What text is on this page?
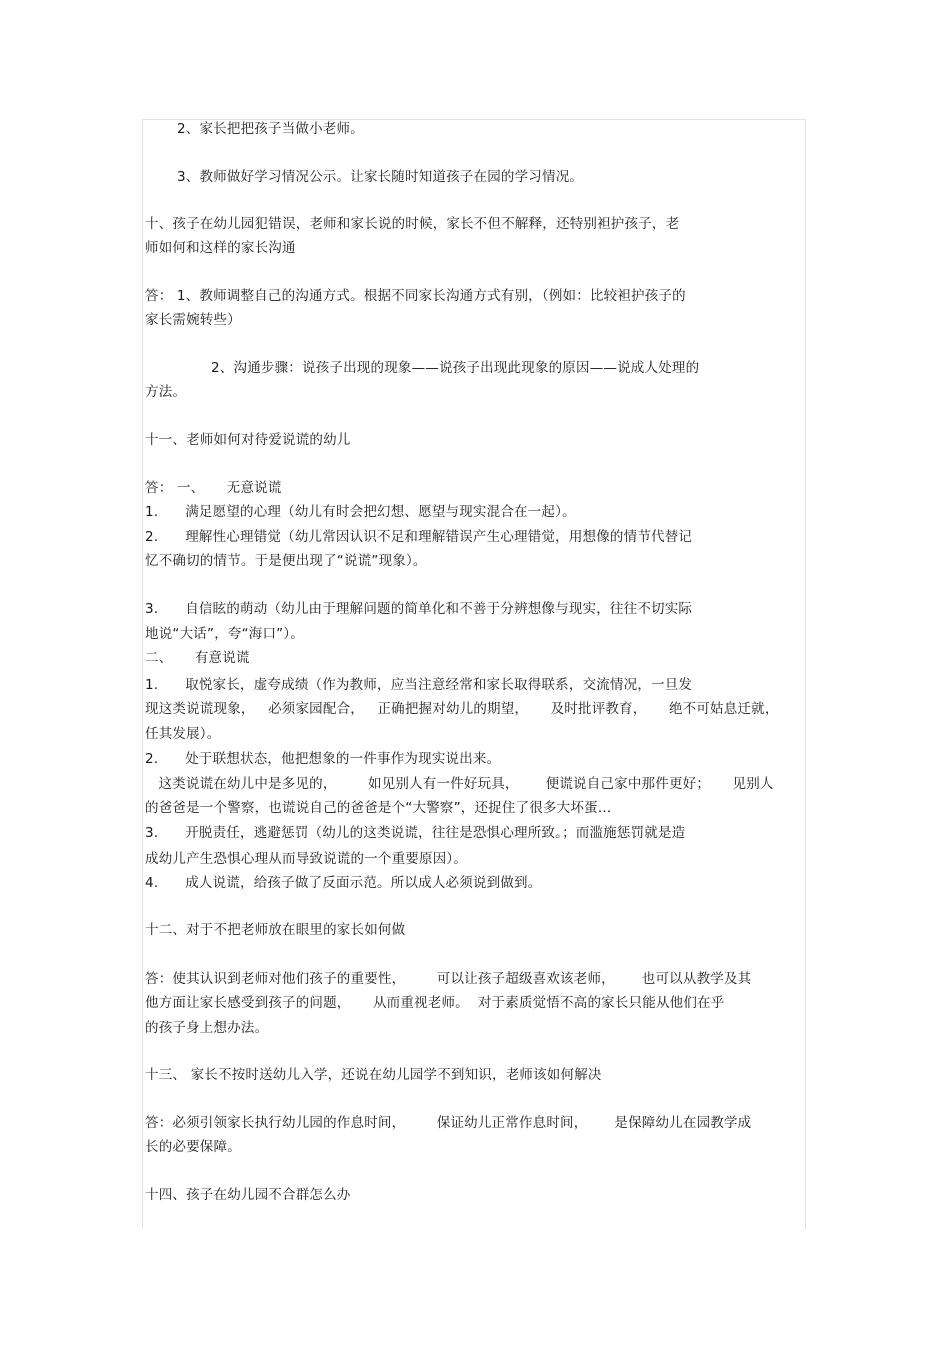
2、家长把把孩子当做小老师。
3、教师做好学习情况公示。让家长随时知道孩子在园的学习情况。
十、孩子在幼儿园犯错误，老师和家长说的时候，家长不但不解释，还特别袒护孩子，老
师如何和这样的家长沟通
答： 1、教师调整自己的沟通方式。根据不同家长沟通方式有别，（例如：比较袒护孩子的
家长需婉转些）
2、沟通步骤：说孩子出现的现象——说孩子出现此现象的原因——说成人处理的
方法。
十一、老师如何对待爱说谎的幼儿
答： 一、     无意说谎
1.      满足愿望的心理（幼儿有时会把幻想、愿望与现实混合在一起）。
2.      理解性心理错觉（幼儿常因认识不足和理解错误产生心理错觉，用想像的情节代替记
忆不确切的情节。于是便出现了“说谎”现象）。
3.      自信眩的萌动（幼儿由于理解问题的简单化和不善于分辨想像与现实，往往不切实际
地说“大话”，夸“海口”）。
二、     有意说谎
1.      取悦家长，虚夸成绩（作为教师，应当注意经常和家长取得联系，交流情况，一旦发
现这类说谎现象，   必须家园配合，   正确把握对幼儿的期望，     及时批评教育，     绝不可姑息迁就，
任其发展）。
2.      处于联想状态，他把想象的一件事作为现实说出来。
这类说谎在幼儿中是多见的，       如见别人有一件好玩具，      便谎说自己家中那件更好；     见别人
的爸爸是一个警察，也谎说自己的爸爸是个“大警察”，还捉住了很多大坏蛋…
3.      开脱责任，逃避惩罚（幼儿的这类说谎，往往是恐惧心理所致。；而滥施惩罚就是造
成幼儿产生恐惧心理从而导致说谎的一个重要原因）。
4.      成人说谎，给孩子做了反面示范。所以成人必须说到做到。
十二、对于不把老师放在眼里的家长如何做
答：使其认识到老师对他们孩子的重要性，       可以让孩子超级喜欢该老师，      也可以从教学及其
他方面让家长感受到孩子的问题，     从而重视老师。  对于素质觉悟不高的家长只能从他们在乎
的孩子身上想办法。
十三、 家长不按时送幼儿入学，还说在幼儿园学不到知识，老师该如何解决
答：必须引领家长执行幼儿园的作息时间，       保证幼儿正常作息时间，      是保障幼儿在园教学成
长的必要保障。
十四、孩子在幼儿园不合群怎么办
